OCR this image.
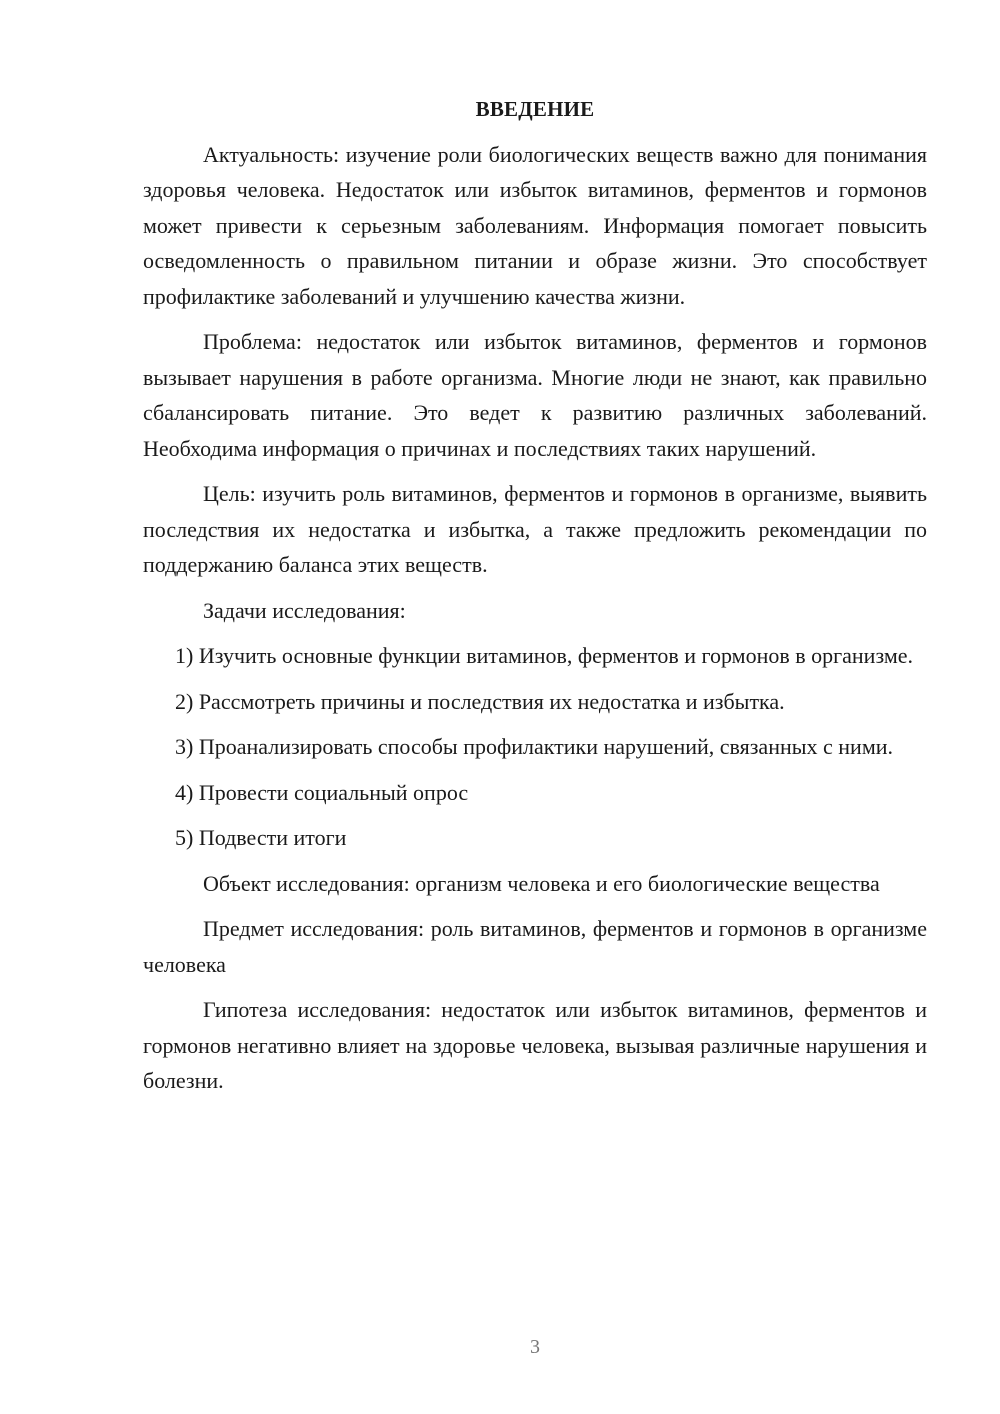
ВВЕДЕНИЕ

Актуальность: изучение роли биологических веществ важно для понимания здоровья человека. Недостаток или избыток витаминов, ферментов и гормонов может привести к серьезным заболеваниям. Информация помогает повысить осведомленность о правильном питании и образе жизни. Это способствует профилактике заболеваний и улучшению качества жизни.

Проблема: недостаток или избыток витаминов, ферментов и гормонов вызывает нарушения в работе организма. Многие люди не знают, как правильно сбалансировать питание. Это ведет к развитию различных заболеваний. Необходима информация о причинах и последствиях таких нарушений.

Цель: изучить роль витаминов, ферментов и гормонов в организме, выявить последствия их недостатка и избытка, а также предложить рекомендации по поддержанию баланса этих веществ.

Задачи исследования:

1) Изучить основные функции витаминов, ферментов и гормонов в организме.

2) Рассмотреть причины и последствия их недостатка и избытка.

3) Проанализировать способы профилактики нарушений, связанных с ними.

4) Провести социальный опрос

5) Подвести итоги

Объект исследования: организм человека и его биологические вещества

Предмет исследования: роль витаминов, ферментов и гормонов в организме человека

Гипотеза исследования: недостаток или избыток витаминов, ферментов и гормонов негативно влияет на здоровье человека, вызывая различные нарушения и болезни.

3
